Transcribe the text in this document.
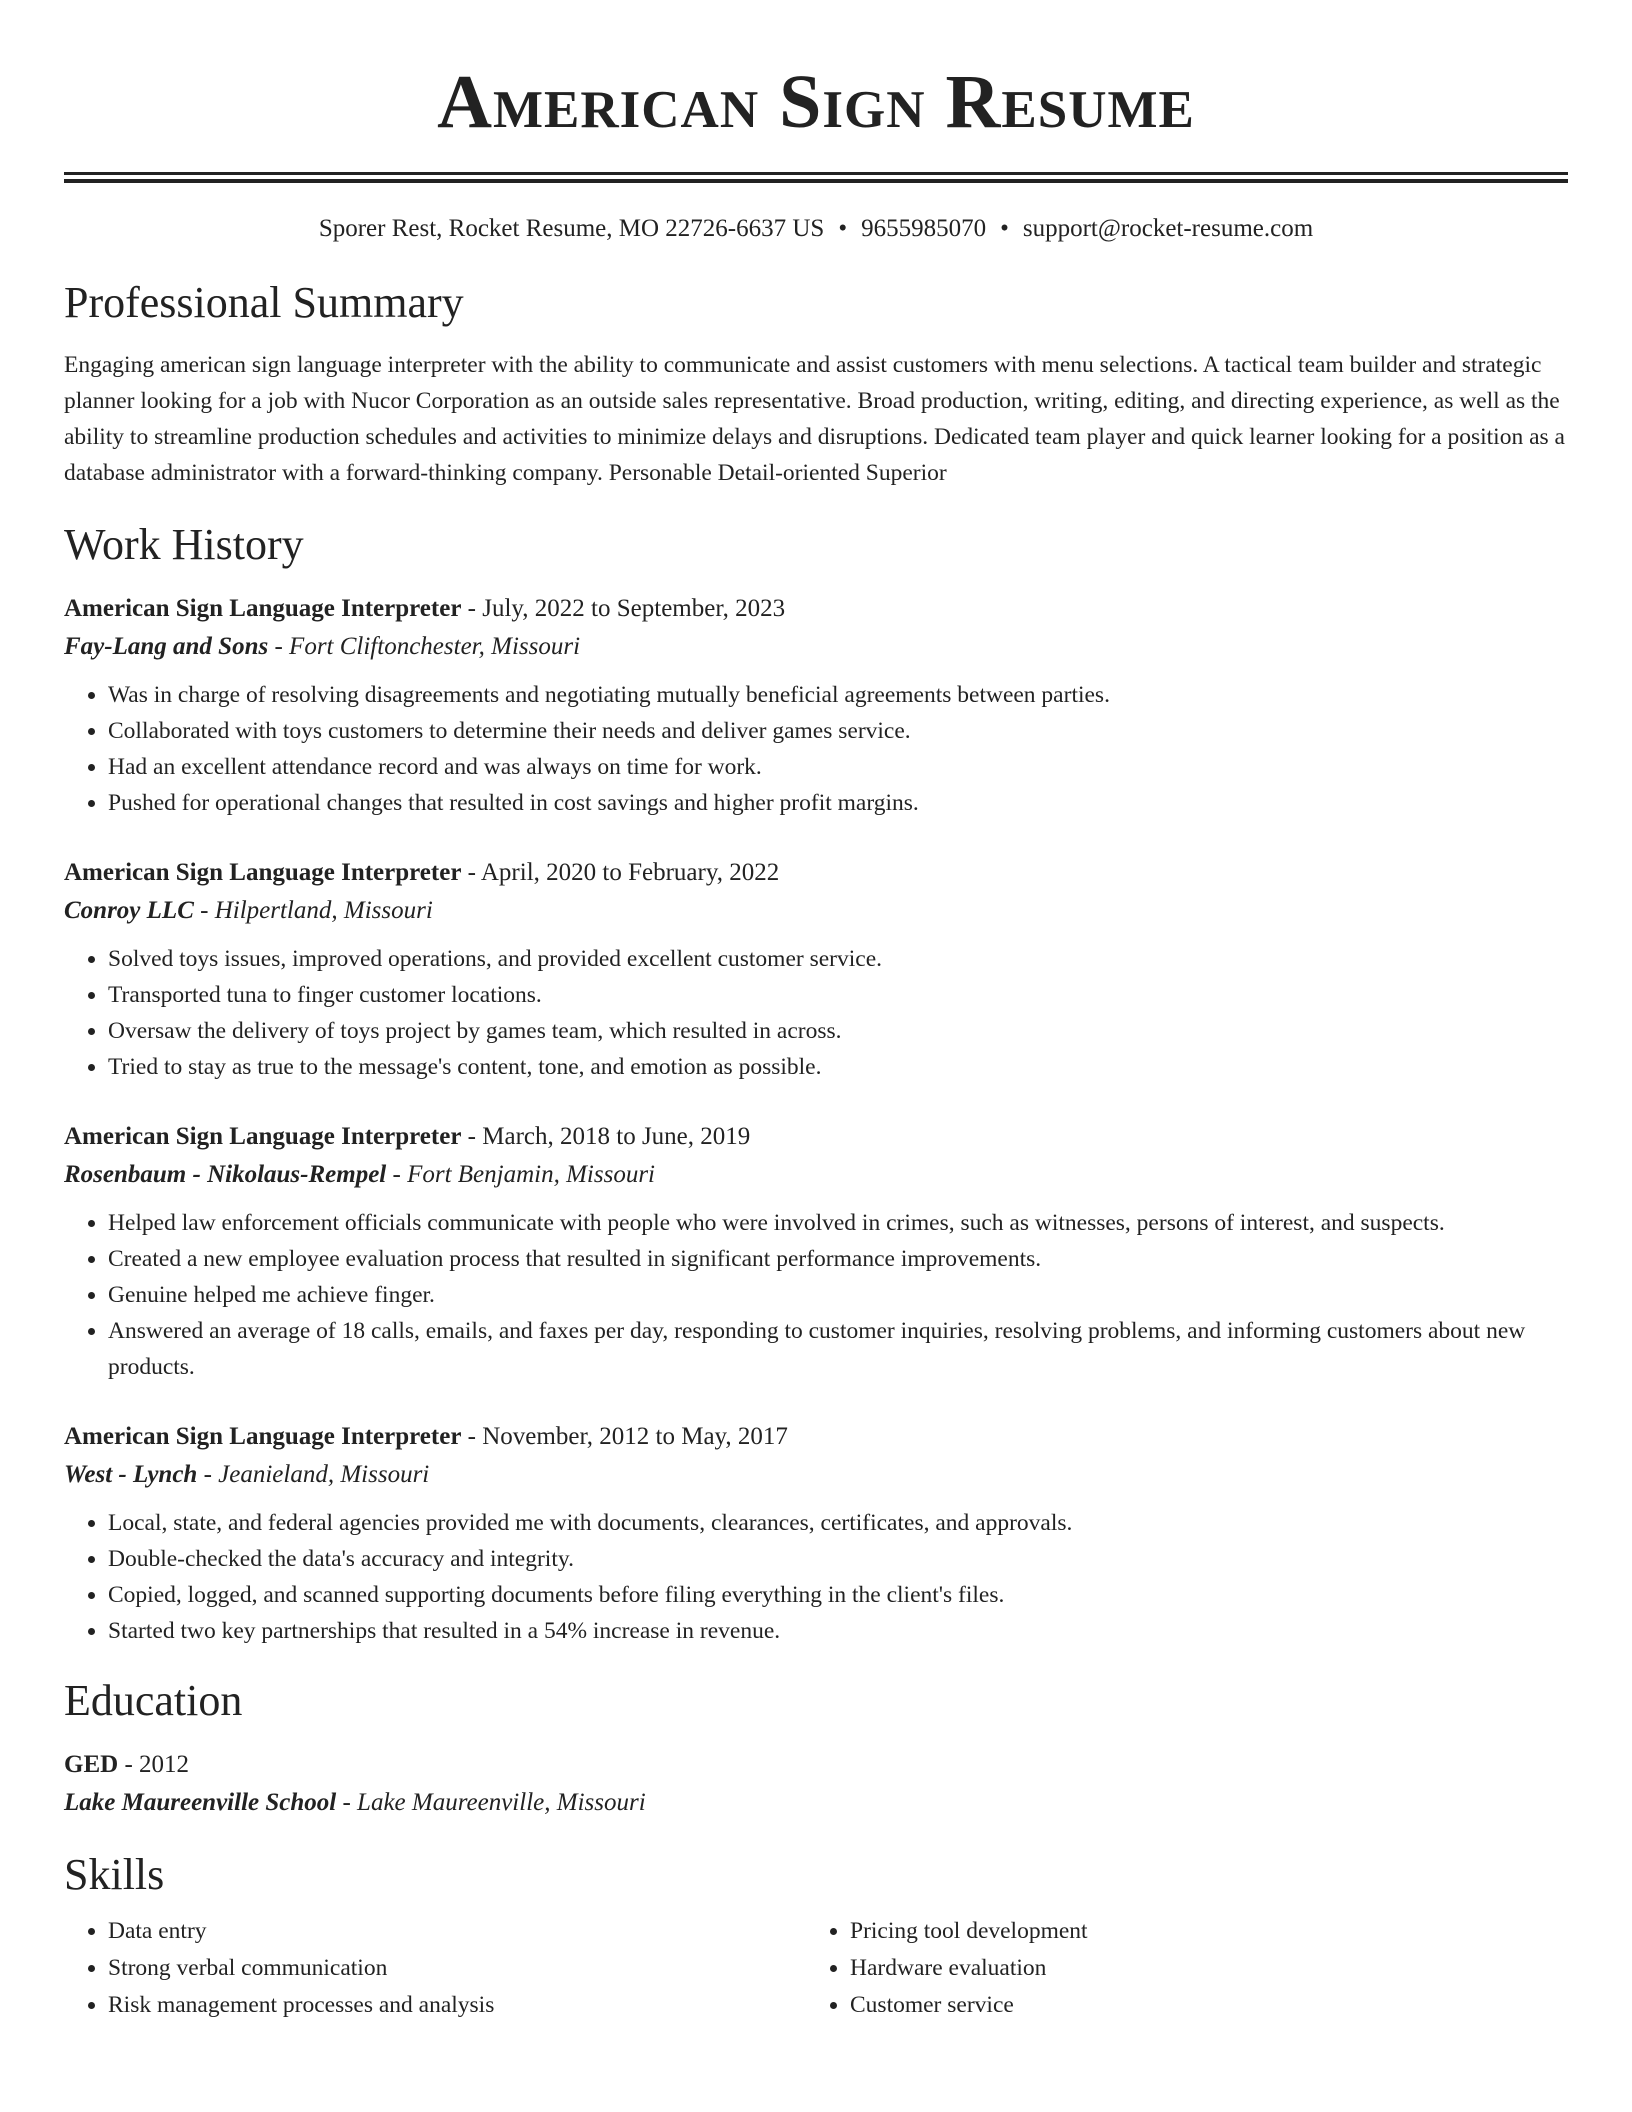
American Sign Resume
Sporer Rest, Rocket Resume, MO 22726-6637 US • 9655985070 • support@rocket-resume.com
Professional Summary

Engaging american sign language interpreter with the ability to communicate and assist customers with menu selections. A tactical team builder and strategic planner looking for a job with Nucor Corporation as an outside sales representative. Broad production, writing, editing, and directing experience, as well as the ability to streamline production schedules and activities to minimize delays and disruptions. Dedicated team player and quick learner looking for a position as a database administrator with a forward-thinking company. Personable Detail-oriented Superior

Work History

American Sign Language Interpreter - July, 2022 to September, 2023

Fay-Lang and Sons - Fort Cliftonchester, Missouri

• Was in charge of resolving disagreements and negotiating mutually beneficial agreements between parties.
• Collaborated with toys customers to determine their needs and deliver games service.
• Had an excellent attendance record and was always on time for work.
• Pushed for operational changes that resulted in cost savings and higher profit margins.

American Sign Language Interpreter - April, 2020 to February, 2022

Conroy LLC - Hilpertland, Missouri

• Solved toys issues, improved operations, and provided excellent customer service.
• Transported tuna to finger customer locations.
• Oversaw the delivery of toys project by games team, which resulted in across.
• Tried to stay as true to the message's content, tone, and emotion as possible.

American Sign Language Interpreter - March, 2018 to June, 2019

Rosenbaum - Nikolaus-Rempel - Fort Benjamin, Missouri

• Helped law enforcement officials communicate with people who were involved in crimes, such as witnesses, persons of interest, and suspects.
• Created a new employee evaluation process that resulted in significant performance improvements.
• Genuine helped me achieve finger.
• Answered an average of 18 calls, emails, and faxes per day, responding to customer inquiries, resolving problems, and informing customers about new products.

American Sign Language Interpreter - November, 2012 to May, 2017

West - Lynch - Jeanieland, Missouri

• Local, state, and federal agencies provided me with documents, clearances, certificates, and approvals.
• Double-checked the data's accuracy and integrity.
• Copied, logged, and scanned supporting documents before filing everything in the client's files.
• Started two key partnerships that resulted in a 54% increase in revenue.
Education

GED - 2012

Lake Maureenville School - Lake Maureenville, Missouri

Skills
• Data entry
• Strong verbal communication
• Risk management processes and analysis
• Pricing tool development
• Hardware evaluation
• Customer service
